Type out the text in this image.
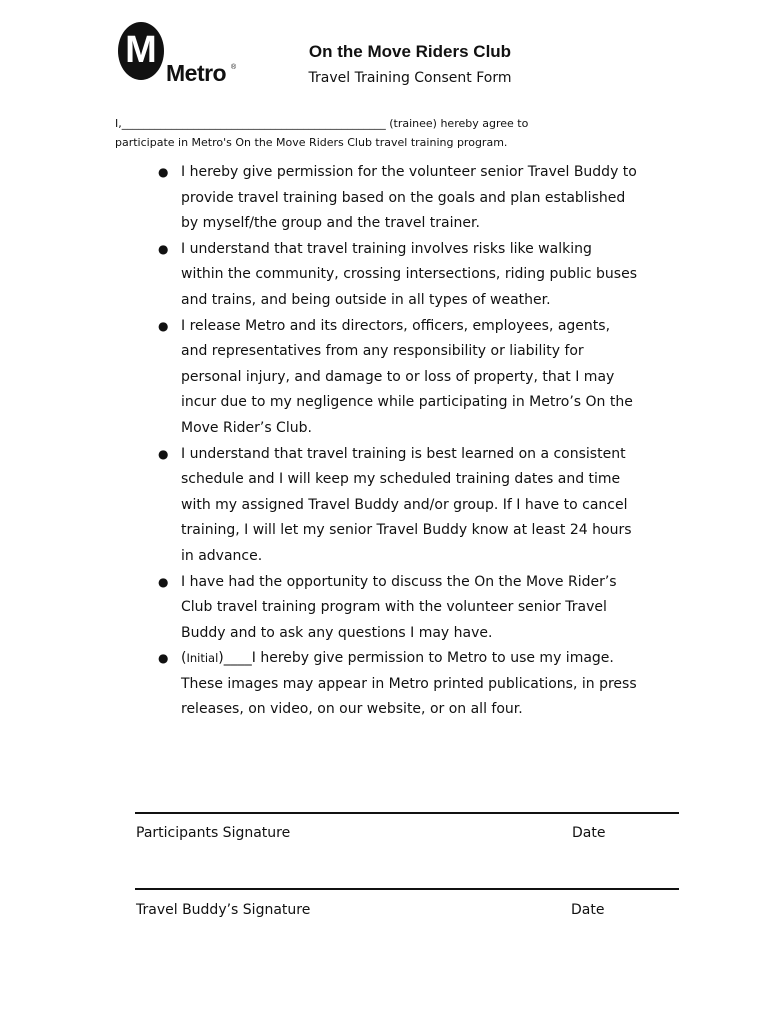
M
Metro ®
On the Move Riders Club
Travel Training Consent Form
I,________________________________________________ (trainee) hereby agree to
participate in Metro's On the Move Riders Club travel training program.
● I hereby give permission for the volunteer senior Travel Buddy to provide travel training based on the goals and plan established by myself/the group and the travel trainer.
● I understand that travel training involves risks like walking within the community, crossing intersections, riding public buses and trains, and being outside in all types of weather.
● I release Metro and its directors, officers, employees, agents, and representatives from any responsibility or liability for personal injury, and damage to or loss of property, that I may incur due to my negligence while participating in Metro’s On the Move Rider’s Club.
● I understand that travel training is best learned on a consistent schedule and I will keep my scheduled training dates and time with my assigned Travel Buddy and/or group. If I have to cancel training, I will let my senior Travel Buddy know at least 24 hours in advance.
● I have had the opportunity to discuss the On the Move Rider’s Club travel training program with the volunteer senior Travel Buddy and to ask any questions I may have.
● (Initial)____I hereby give permission to Metro to use my image. These images may appear in Metro printed publications, in press releases, on video, on our website, or on all four.
Participants Signature	Date
Travel Buddy’s Signature	Date
